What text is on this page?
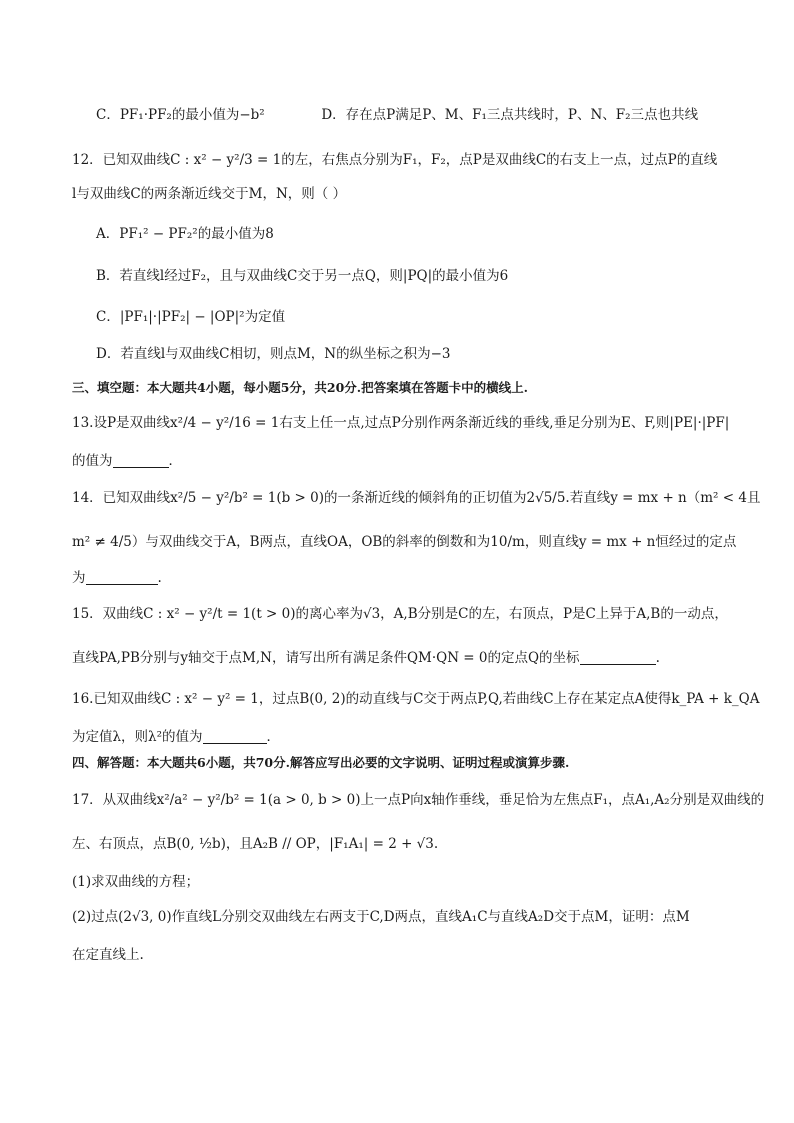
C．PF₁·PF₂的最小值为−b²	D．存在点P满足P、M、F₁三点共线时，P、N、F₂三点也共线
12．已知双曲线C : x² − y²/3 = 1的左，右焦点分别为F₁，F₂，点P是双曲线C的右支上一点，过点P的直线
l与双曲线C的两条渐近线交于M，N，则（ ）
A．PF₁² − PF₂²的最小值为8
B．若直线l经过F₂，且与双曲线C交于另一点Q，则|PQ|的最小值为6
C．|PF₁|·|PF₂| − |OP|²为定值
D．若直线l与双曲线C相切，则点M，N的纵坐标之积为−3
三、填空题：本大题共4小题，每小题5分，共20分.把答案填在答题卡中的横线上.
13.设P是双曲线x²/4 − y²/16 = 1右支上任一点,过点P分别作两条渐近线的垂线,垂足分别为E、F,则|PE|·|PF|
的值为	．
14．已知双曲线x²/5 − y²/b² = 1(b > 0)的一条渐近线的倾斜角的正切值为2√5/5.若直线y = mx + n（m² < 4且
m² ≠ 4/5）与双曲线交于A，B两点，直线OA，OB的斜率的倒数和为10/m，则直线y = mx + n恒经过的定点
为	.
15．双曲线C : x² − y²/t = 1(t > 0)的离心率为√3，A,B分别是C的左，右顶点，P是C上异于A,B的一动点，
直线PA,PB分别与y轴交于点M,N，请写出所有满足条件QM·QN = 0的定点Q的坐标	.
16.已知双曲线C : x² − y² = 1，过点B(0, 2)的动直线与C交于两点P,Q,若曲线C上存在某定点A使得k_PA + k_QA
为定值λ，则λ²的值为	．
四、解答题：本大题共6小题，共70分.解答应写出必要的文字说明、证明过程或演算步骤.
17．从双曲线x²/a² − y²/b² = 1(a > 0, b > 0)上一点P向x轴作垂线，垂足恰为左焦点F₁，点A₁,A₂分别是双曲线的
左、右顶点，点B(0, ½b)，且A₂B // OP，|F₁A₁| = 2 + √3.
(1)求双曲线的方程；
(2)过点(2√3, 0)作直线L分别交双曲线左右两支于C,D两点，直线A₁C与直线A₂D交于点M，证明：点M
在定直线上.
